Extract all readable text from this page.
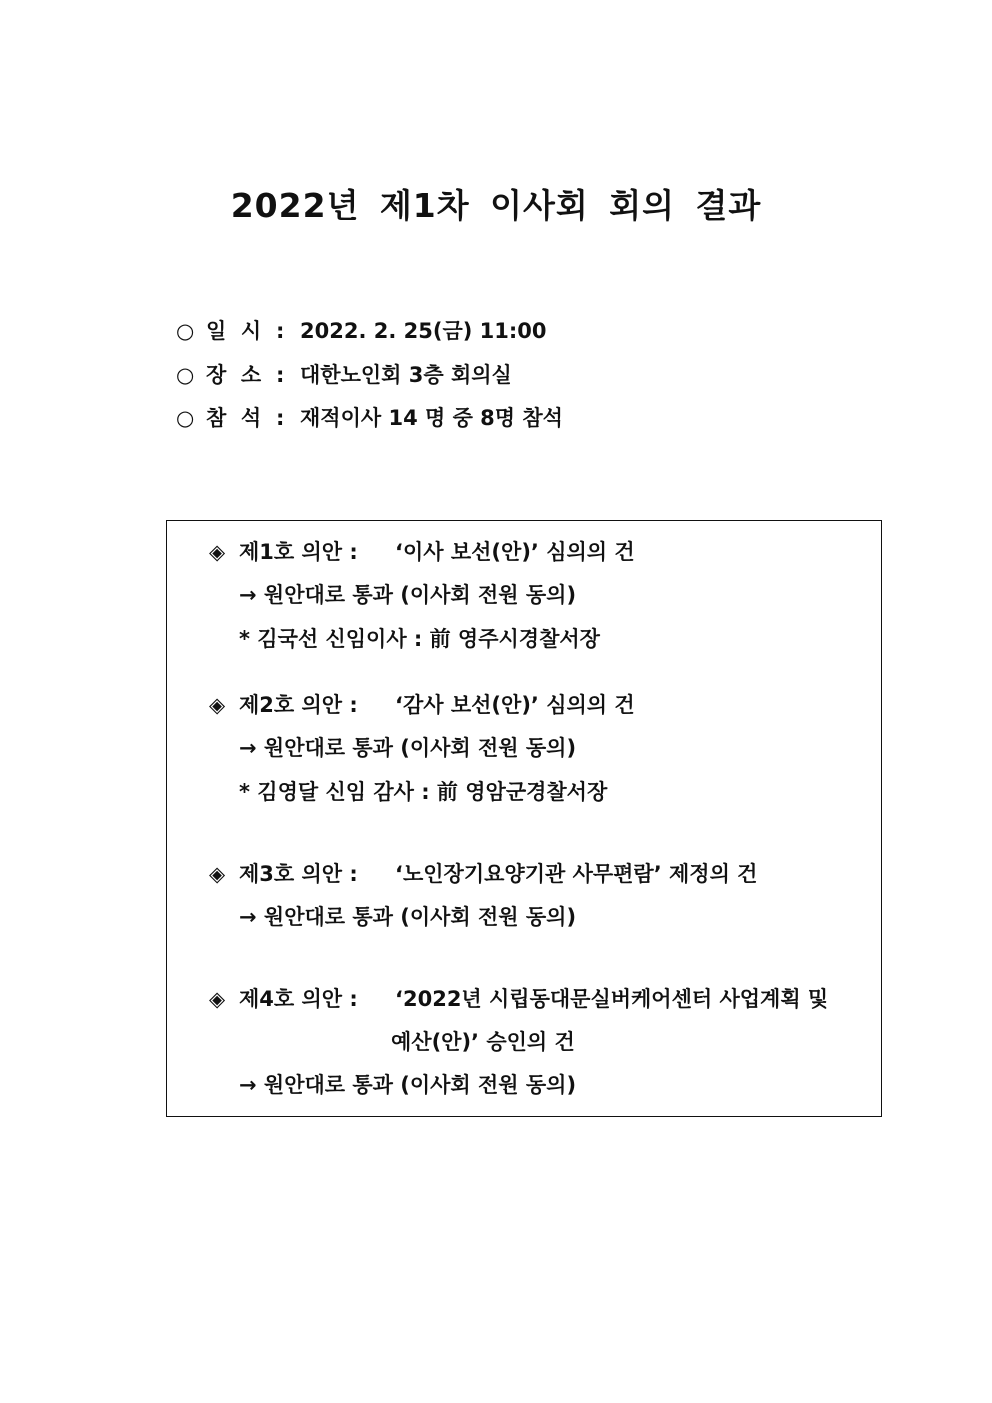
2022년 제1차 이사회 회의 결과
○ 일  시 : 2022. 2. 25(금) 11:00
○ 장  소 : 대한노인회 3층 회의실
○ 참  석 : 재적이사 14 명 중 8명 참석
◈ 제1호 의안 : ‘이사 보선(안)’ 심의의 건
→ 원안대로 통과 (이사회 전원 동의)
* 김국선 신임이사 : 前 영주시경찰서장
◈ 제2호 의안 : ‘감사 보선(안)’ 심의의 건
→ 원안대로 통과 (이사회 전원 동의)
* 김영달 신임 감사 : 前 영암군경찰서장
◈ 제3호 의안 : ‘노인장기요양기관 사무편람’ 제정의 건
→ 원안대로 통과 (이사회 전원 동의)
◈ 제4호 의안 : ‘2022년 시립동대문실버케어센터 사업계획 및
예산(안)’ 승인의 건
→ 원안대로 통과 (이사회 전원 동의)
